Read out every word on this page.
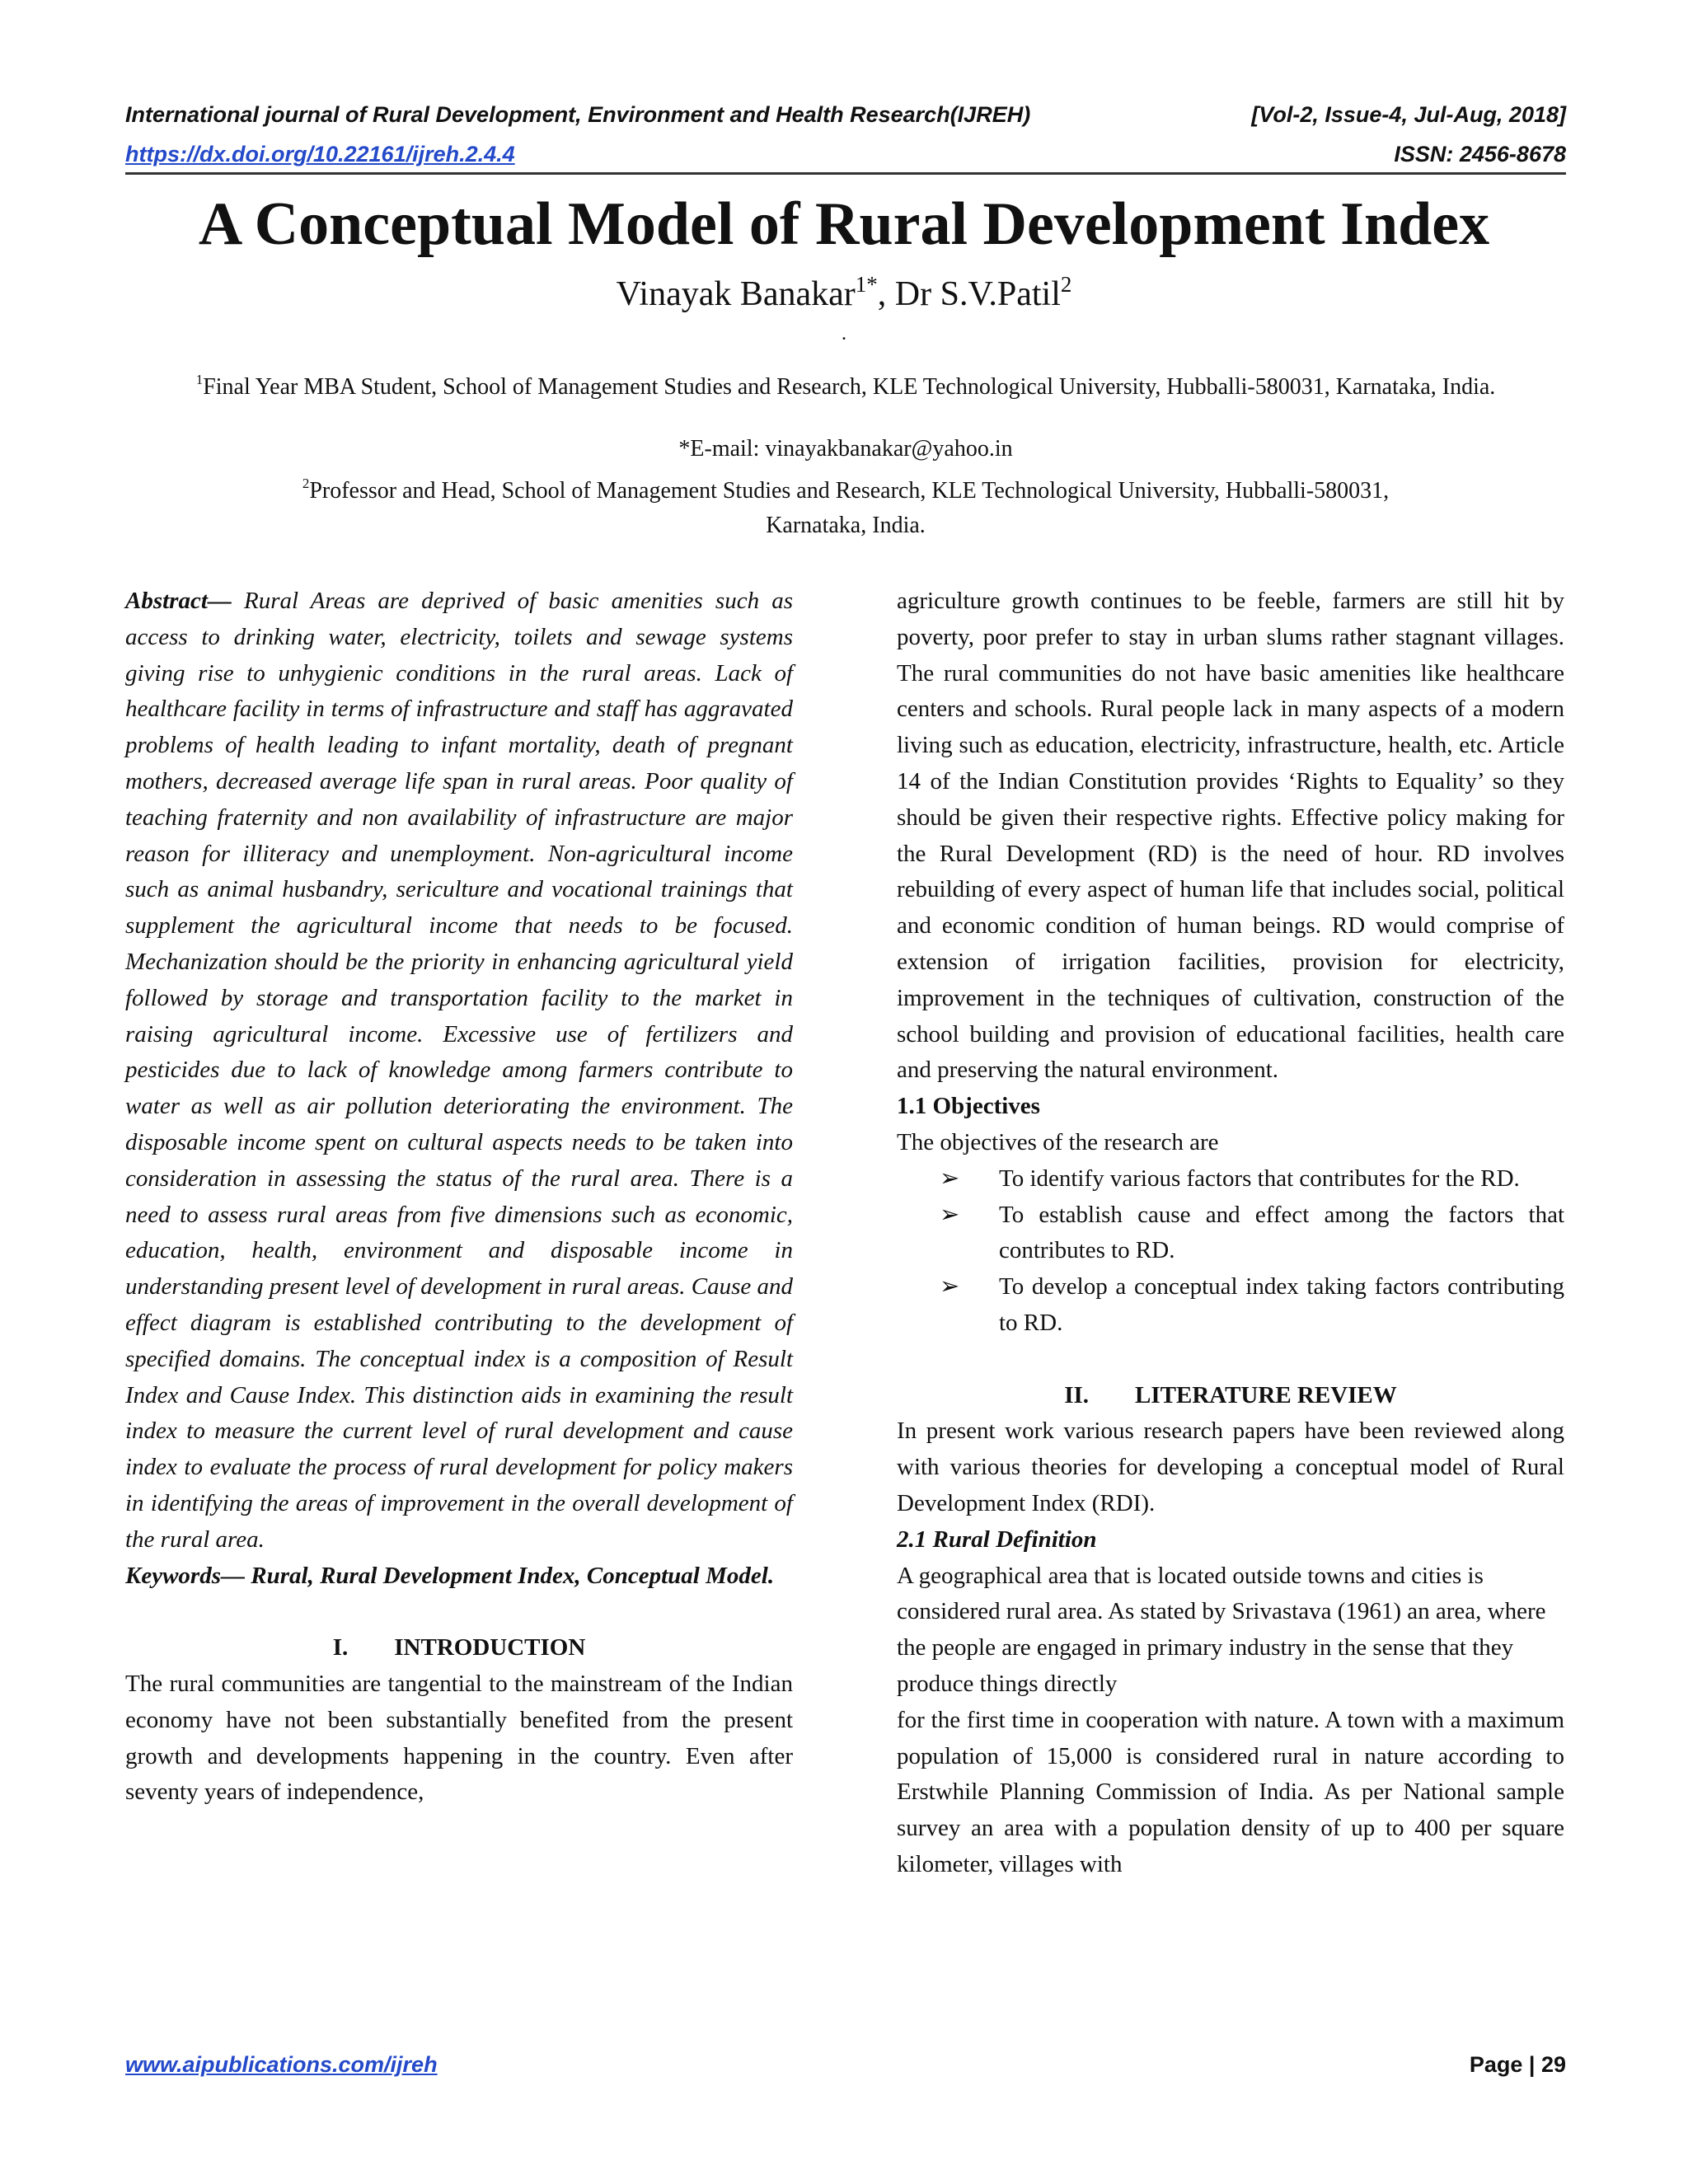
International journal of Rural Development, Environment and Health Research(IJREH)	[Vol-2, Issue-4, Jul-Aug, 2018]
https://dx.doi.org/10.22161/ijreh.2.4.4	ISSN: 2456-8678
A Conceptual Model of Rural Development Index
Vinayak Banakar$^{1*}$, Dr S.V.Patil$^2$
.
$^1$Final Year MBA Student, School of Management Studies and Research, KLE Technological University, Hubballi-580031, Karnataka, India.
*E-mail: vinayakbanakar@yahoo.in
$^2$Professor and Head, School of Management Studies and Research, KLE Technological University, Hubballi-580031,
Karnataka, India.

Abstract— Rural Areas are deprived of basic amenities such as access to drinking water, electricity, toilets and sewage systems giving rise to unhygienic conditions in the rural areas. Lack of healthcare facility in terms of infrastructure and staff has aggravated problems of health leading to infant mortality, death of pregnant mothers, decreased average life span in rural areas. Poor quality of teaching fraternity and non availability of infrastructure are major reason for illiteracy and unemployment. Non-agricultural income such as animal husbandry, sericulture and vocational trainings that supplement the agricultural income that needs to be focused. Mechanization should be the priority in enhancing agricultural yield followed by storage and transportation facility to the market in raising agricultural income. Excessive use of fertilizers and pesticides due to lack of knowledge among farmers contribute to water as well as air pollution deteriorating the environment. The disposable income spent on cultural aspects needs to be taken into consideration in assessing the status of the rural area. There is a need to assess rural areas from five dimensions such as economic, education, health, environment and disposable income in understanding present level of development in rural areas. Cause and effect diagram is established contributing to the development of specified domains. The conceptual index is a composition of Result Index and Cause Index. This distinction aids in examining the result index to measure the current level of rural development and cause index to evaluate the process of rural development for policy makers in identifying the areas of improvement in the overall development of the rural area.

Keywords— Rural, Rural Development Index, Conceptual Model.

I. INTRODUCTION

The rural communities are tangential to the mainstream of the Indian economy have not been substantially benefited from the present growth and developments happening in the country. Even after seventy years of independence,

agriculture growth continues to be feeble, farmers are still hit by poverty, poor prefer to stay in urban slums rather stagnant villages. The rural communities do not have basic amenities like healthcare centers and schools. Rural people lack in many aspects of a modern living such as education, electricity, infrastructure, health, etc. Article 14 of the Indian Constitution provides ‘Rights to Equality’ so they should be given their respective rights. Effective policy making for the Rural Development (RD) is the need of hour. RD involves rebuilding of every aspect of human life that includes social, political and economic condition of human beings. RD would comprise of extension of irrigation facilities, provision for electricity, improvement in the techniques of cultivation, construction of the school building and provision of educational facilities, health care and preserving the natural environment.

1.1 Objectives

The objectives of the research are

➢ To identify various factors that contributes for the RD.
➢ To establish cause and effect among the factors that contributes to RD.
➢ To develop a conceptual index taking factors contributing to RD.

II. LITERATURE REVIEW

In present work various research papers have been reviewed along with various theories for developing a conceptual model of Rural Development Index (RDI).

2.1 Rural Definition

A geographical area that is located outside towns and cities is considered rural area. As stated by Srivastava (1961) an area, where the people are engaged in primary industry in the sense that they produce things directly

for the first time in cooperation with nature. A town with a maximum population of 15,000 is considered rural in nature according to Erstwhile Planning Commission of India. As per National sample survey an area with a population density of up to 400 per square kilometer, villages with

www.aipublications.com/ijreh	Page | 29
